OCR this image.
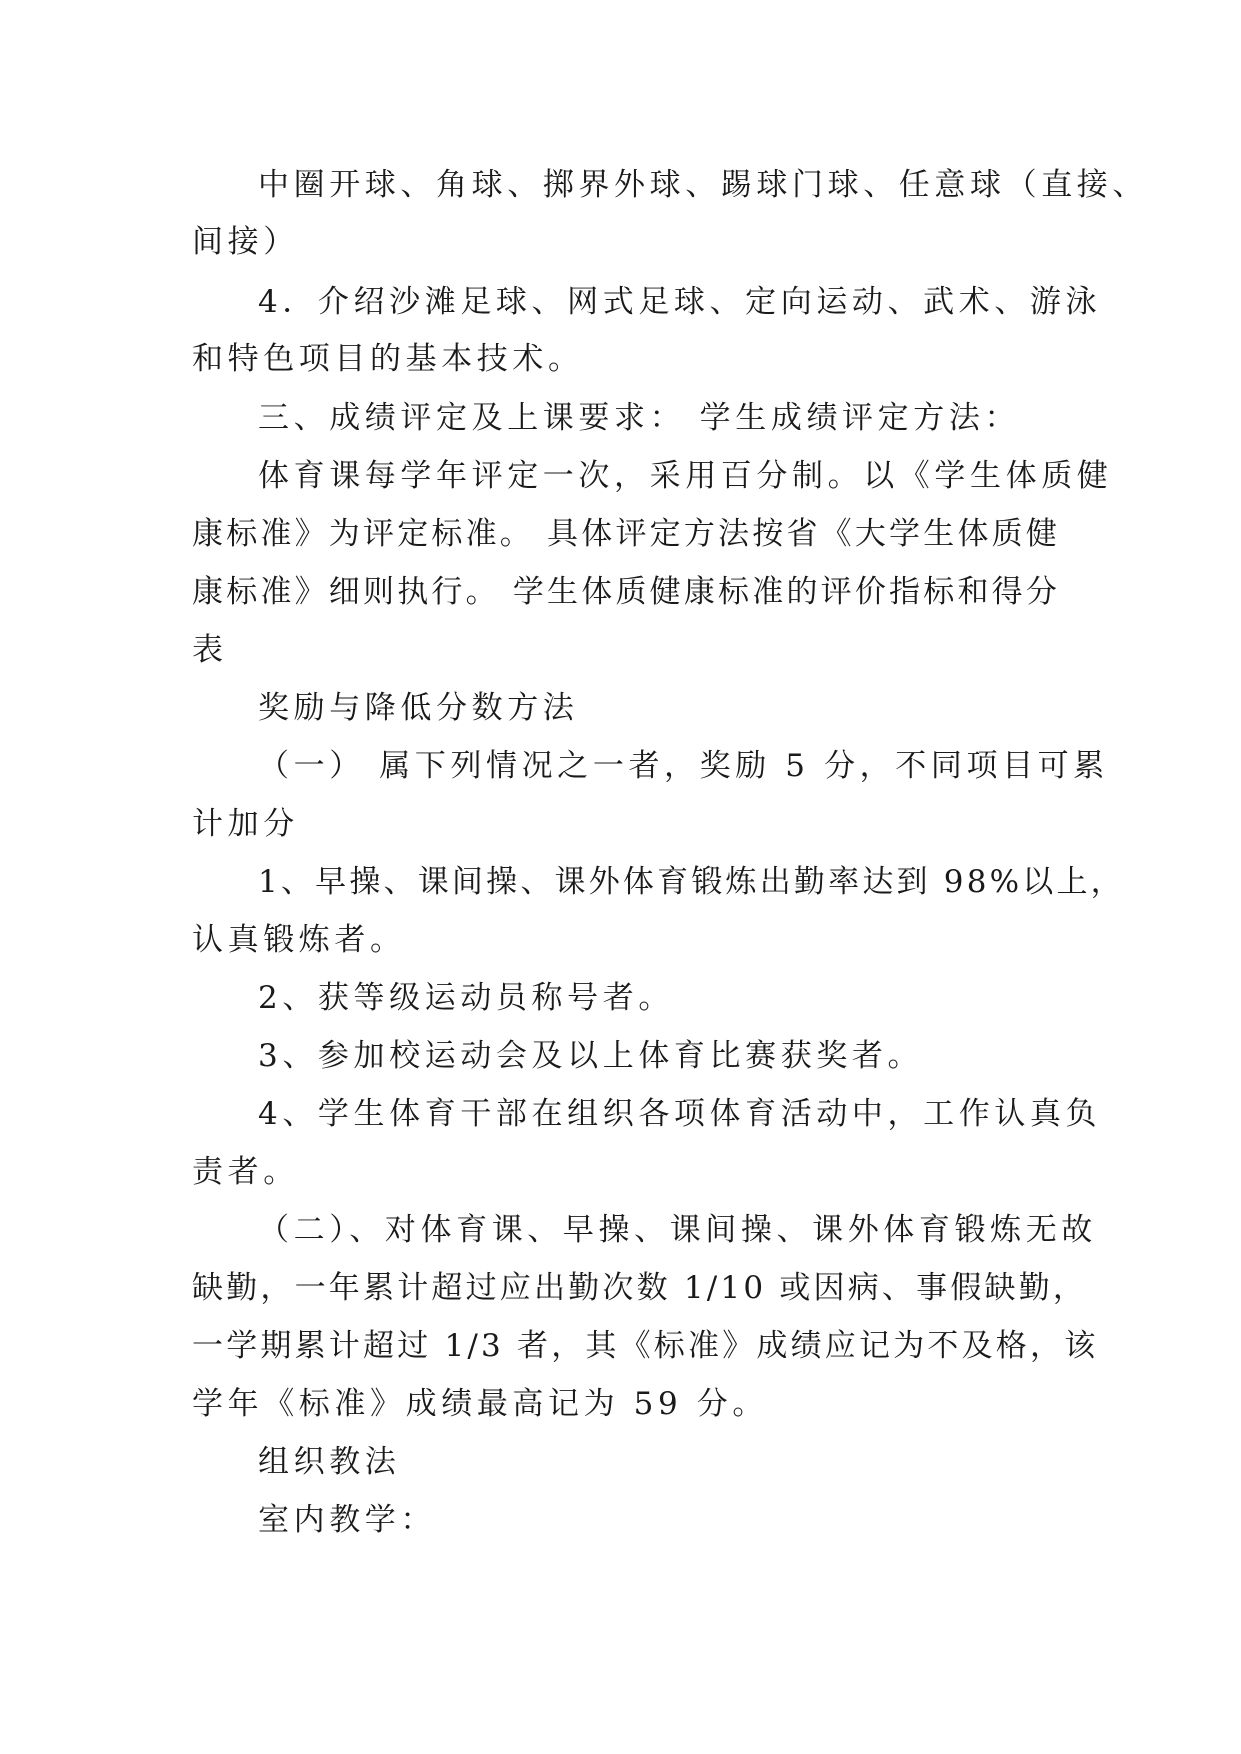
中圈开球、角球、掷界外球、踢球门球、任意球（直接、
间接）
4．介绍沙滩足球、网式足球、定向运动、武术、游泳
和特色项目的基本技术。
三、成绩评定及上课要求： 学生成绩评定方法：
体育课每学年评定一次，采用百分制。以《学生体质健
康标准》为评定标准。 具体评定方法按省《大学生体质健
康标准》细则执行。 学生体质健康标准的评价指标和得分
表
奖励与降低分数方法
（一） 属下列情况之一者，奖励 5 分，不同项目可累
计加分
1、早操、课间操、课外体育锻炼出勤率达到 98%以上，
认真锻炼者。
2、获等级运动员称号者。
3、参加校运动会及以上体育比赛获奖者。
4、学生体育干部在组织各项体育活动中，工作认真负
责者。
（二）、对体育课、早操、课间操、课外体育锻炼无故
缺勤，一年累计超过应出勤次数 1/10 或因病、事假缺勤，
一学期累计超过 1/3 者，其《标准》成绩应记为不及格，该
学年《标准》成绩最高记为 59 分。
组织教法
室内教学：
